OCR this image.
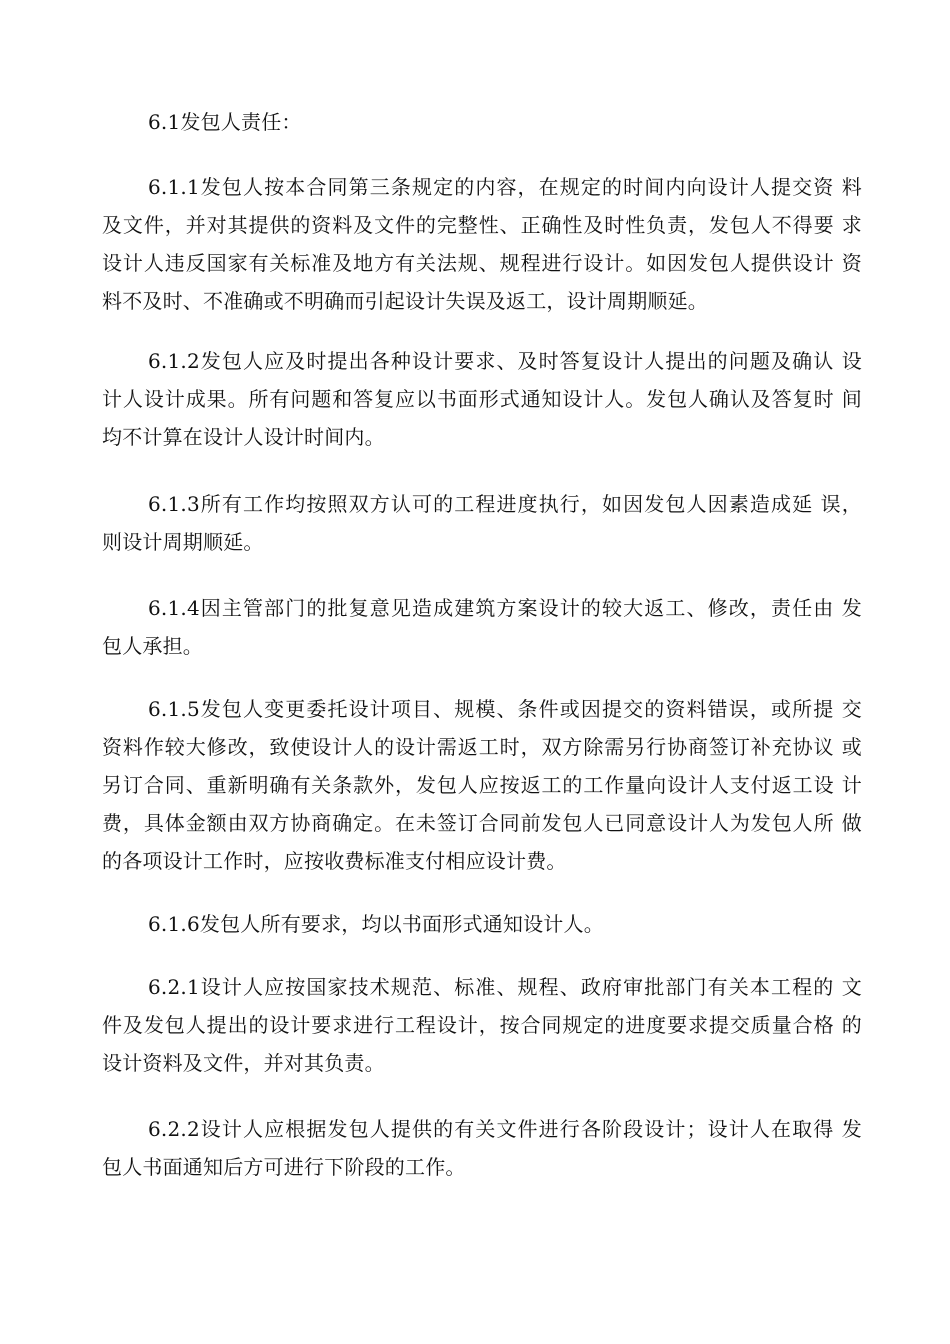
6.1发包人责任：
6.1.1发包人按本合同第三条规定的内容，在规定的时间内向设计人提交资 料
及文件，并对其提供的资料及文件的完整性、正确性及时性负责，发包人不得要 求
设计人违反国家有关标准及地方有关法规、规程进行设计。如因发包人提供设计 资
料不及时、不准确或不明确而引起设计失误及返工，设计周期顺延。
6.1.2发包人应及时提出各种设计要求、及时答复设计人提出的问题及确认 设
计人设计成果。所有问题和答复应以书面形式通知设计人。发包人确认及答复时 间
均不计算在设计人设计时间内。
6.1.3所有工作均按照双方认可的工程进度执行，如因发包人因素造成延 误，
则设计周期顺延。
6.1.4因主管部门的批复意见造成建筑方案设计的较大返工、修改，责任由 发
包人承担。
6.1.5发包人变更委托设计项目、规模、条件或因提交的资料错误，或所提 交
资料作较大修改，致使设计人的设计需返工时，双方除需另行协商签订补充协议 或
另订合同、重新明确有关条款外，发包人应按返工的工作量向设计人支付返工设 计
费，具体金额由双方协商确定。在未签订合同前发包人已同意设计人为发包人所 做
的各项设计工作时，应按收费标准支付相应设计费。
6.1.6发包人所有要求，均以书面形式通知设计人。
6.2.1设计人应按国家技术规范、标准、规程、政府审批部门有关本工程的 文
件及发包人提出的设计要求进行工程设计，按合同规定的进度要求提交质量合格 的
设计资料及文件，并对其负责。
6.2.2设计人应根据发包人提供的有关文件进行各阶段设计；设计人在取得 发
包人书面通知后方可进行下阶段的工作。
